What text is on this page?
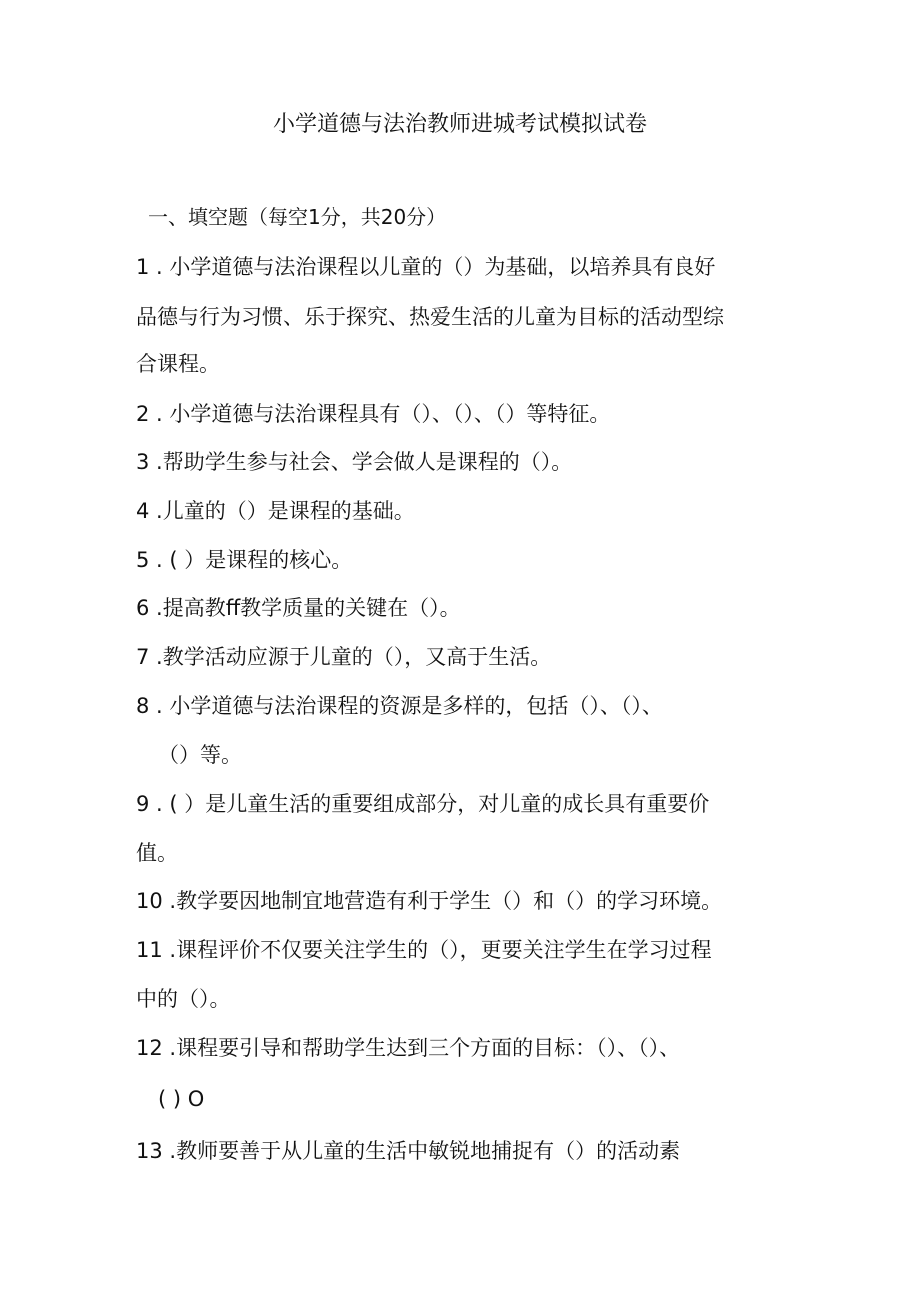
小学道德与法治教师进城考试模拟试卷
一、填空题（每空1分，共20分）
1 . 小学道德与法治课程以儿童的（）为基础，以培养具有良好
品德与行为习惯、乐于探究、热爱生活的儿童为目标的活动型综
合课程。
2 . 小学道德与法治课程具有（）、（）、（）等特征。
3 .帮助学生参与社会、学会做人是课程的（）。
4 .儿童的（）是课程的基础。
5 . ( ）是课程的核心。
6 .提高教ff教学质量的关键在（）。
7 .教学活动应源于儿童的（），又高于生活。
8 . 小学道德与法治课程的资源是多样的，包括（）、（）、
（）等。
9 . ( ）是儿童生活的重要组成部分，对儿童的成长具有重要价
值。
10 .教学要因地制宜地营造有利于学生（）和（）的学习环境。
11 .课程评价不仅要关注学生的（），更要关注学生在学习过程
中的（）。
12 .课程要引导和帮助学生达到三个方面的目标：（）、（）、
( ) O
13 .教师要善于从儿童的生活中敏锐地捕捉有（）的活动素
